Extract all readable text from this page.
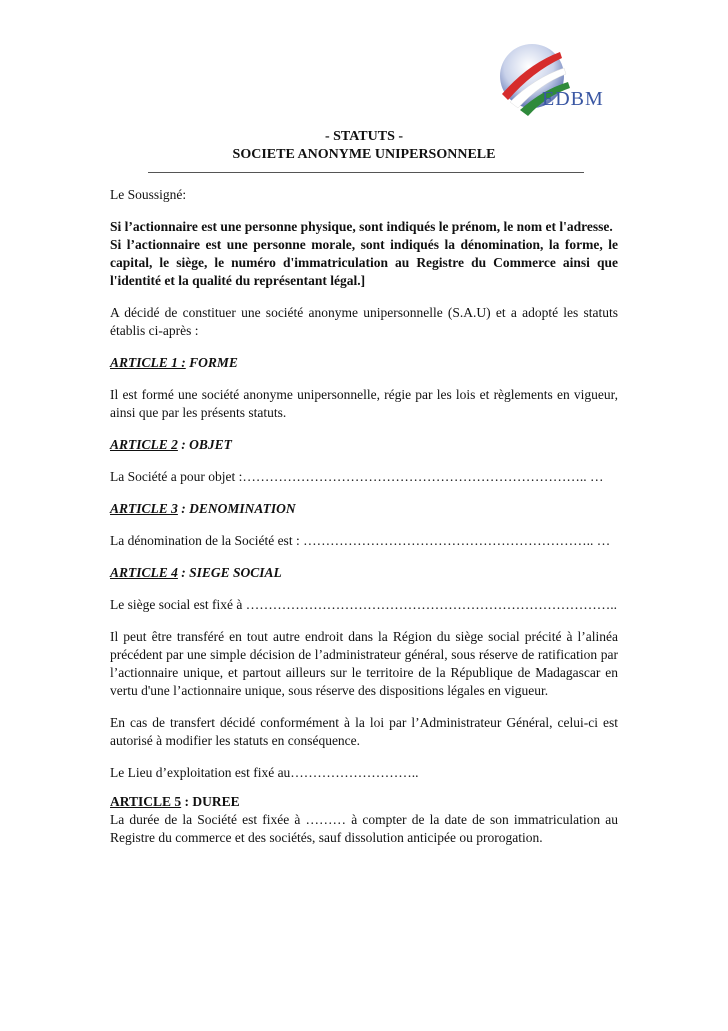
EDBM
- STATUTS -
SOCIETE ANONYME UNIPERSONNELE

Le Soussigné:

Si l’actionnaire est une personne physique, sont indiqués le prénom, le nom et l'adresse.

Si l’actionnaire est une personne morale, sont indiqués la dénomination, la forme, le capital, le siège, le numéro d'immatriculation au Registre du Commerce ainsi que l'identité et la qualité du représentant légal.]

A décidé de constituer une société anonyme unipersonnelle (S.A.U) et a adopté les statuts établis ci-après :

ARTICLE 1 : FORME

Il est formé une société anonyme unipersonnelle, régie par les lois et règlements en vigueur, ainsi que par les présents statuts.

ARTICLE 2 : OBJET

La Société a pour objet :………………………………………………………………….. …

ARTICLE 3 : DENOMINATION

La dénomination de la Société est : ……………………………………………………….. …

ARTICLE 4 : SIEGE SOCIAL

Le siège social est fixé à ………………………………………………………………………..

Il peut être transféré en tout autre endroit dans la Région du siège social précité à l’alinéa précédent par une simple décision de l’administrateur général, sous réserve de ratification par l’actionnaire unique, et partout ailleurs sur le territoire de la République de Madagascar en vertu d'une l’actionnaire unique, sous réserve des dispositions légales en vigueur.

En cas de transfert décidé conformément à la loi par l’Administrateur Général, celui-ci est autorisé à modifier les statuts en conséquence.

Le Lieu d’exploitation est fixé au………………………..

ARTICLE 5 : DUREE

La durée de la Société est fixée à ……… à compter de la date de son immatriculation au Registre du commerce et des sociétés, sauf dissolution anticipée ou prorogation.
